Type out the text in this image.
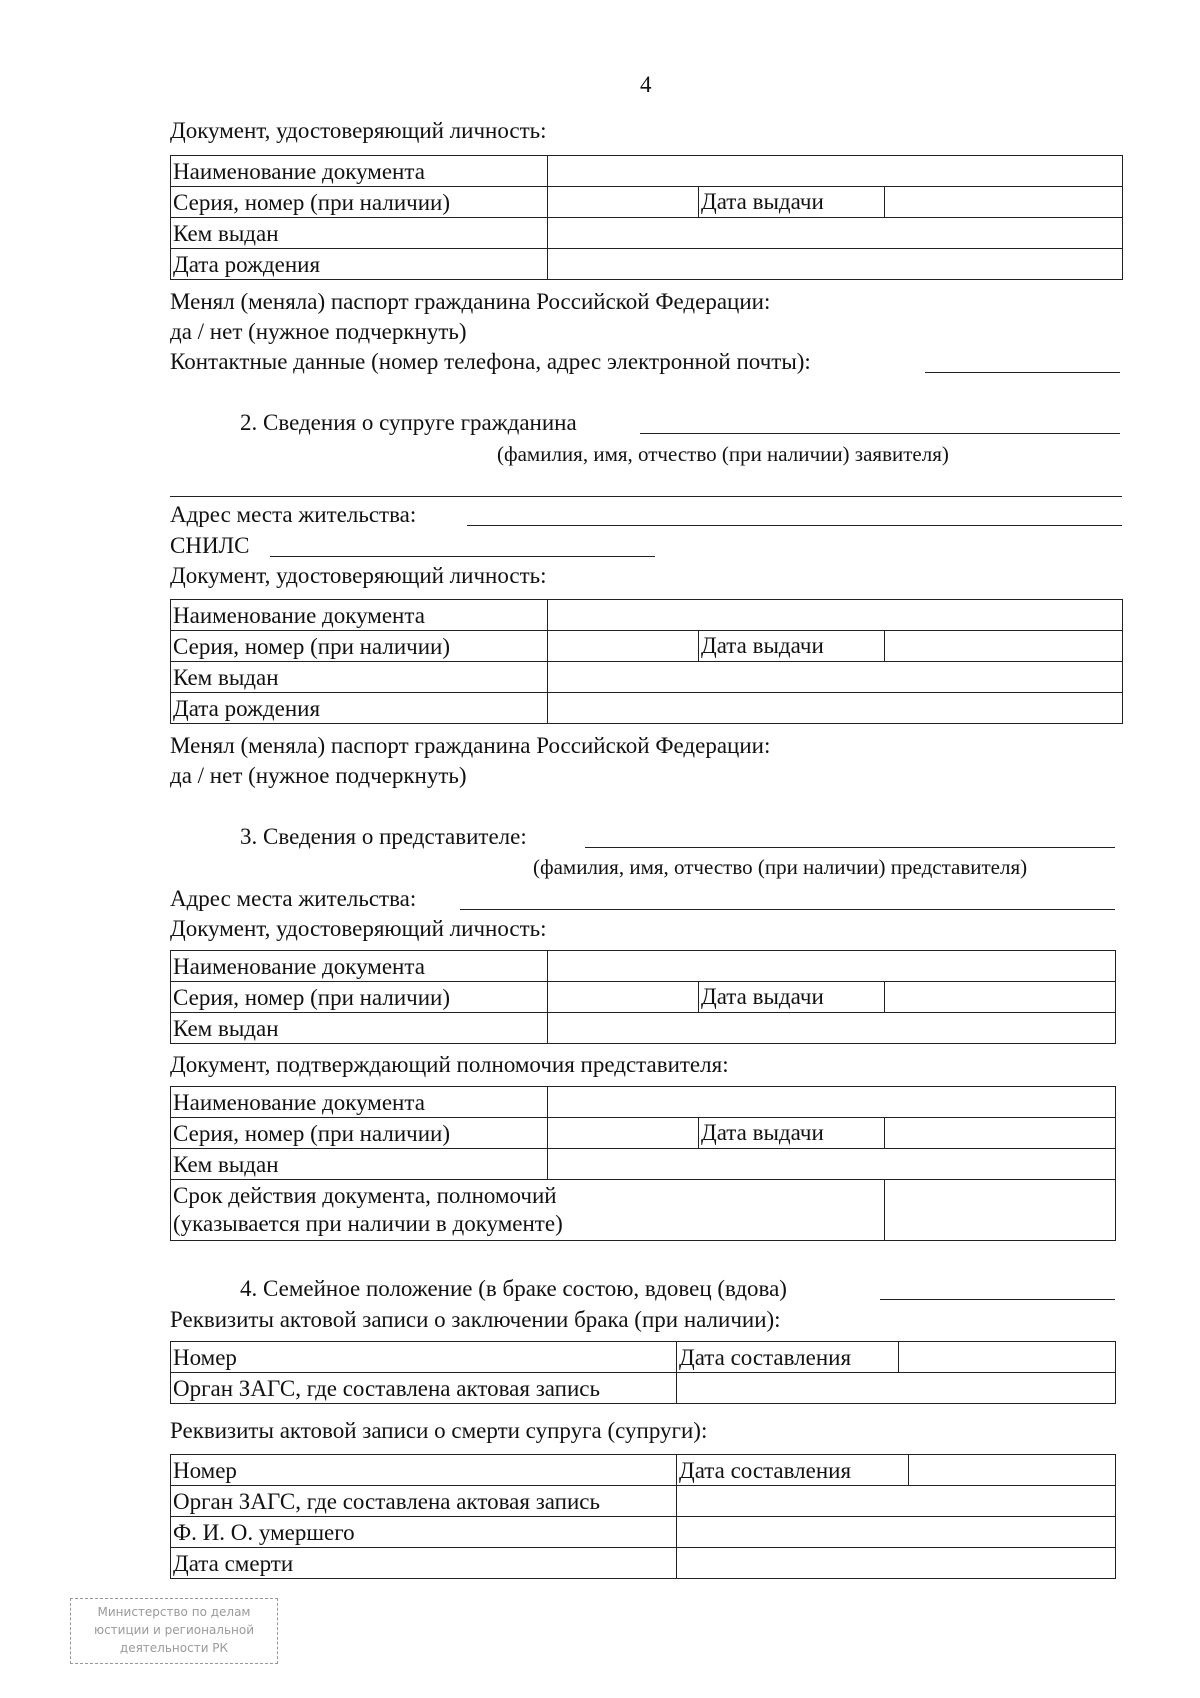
4
Документ, удостоверяющий личность:
Наименование документа		
Серия, номер (при наличии)	Дата выдачи	

Кем выдан		
Дата рождения		
Менял (меняла) паспорт гражданина Российской Федерации:
да / нет (нужное подчеркнуть)
Контактные данные (номер телефона, адрес электронной почты):
2. Сведения о супруге гражданина
(фамилия, имя, отчество (при наличии) заявителя)
Адрес места жительства:
СНИЛС
Документ, удостоверяющий личность:
Наименование документа		
Серия, номер (при наличии)	Дата выдачи	

Кем выдан		
Дата рождения		
Менял (меняла) паспорт гражданина Российской Федерации:
да / нет (нужное подчеркнуть)
3. Сведения о представителе:
(фамилия, имя, отчество (при наличии) представителя)
Адрес места жительства:
Документ, удостоверяющий личность:
Наименование документа		
Серия, номер (при наличии)	Дата выдачи	

Кем выдан		
Документ, подтверждающий полномочия представителя:
Наименование документа		
Серия, номер (при наличии)	Дата выдачи	

Кем выдан		

Срок действия документа, полномочий
(указывается при наличии в документе)		

4. Семейное положение (в браке состою, вдовец (вдова)
Реквизиты актовой записи о заключении брака (при наличии):
Номер	Дата составления	
Орган ЗАГС, где составлена актовая запись		
Реквизиты актовой записи о смерти супруга (супруги):
Номер	Дата составления	
Орган ЗАГС, где составлена актовая запись		
Ф. И. О. умершего		
Дата смерти		
Министерство по делам
юстиции и региональной
деятельности РК
